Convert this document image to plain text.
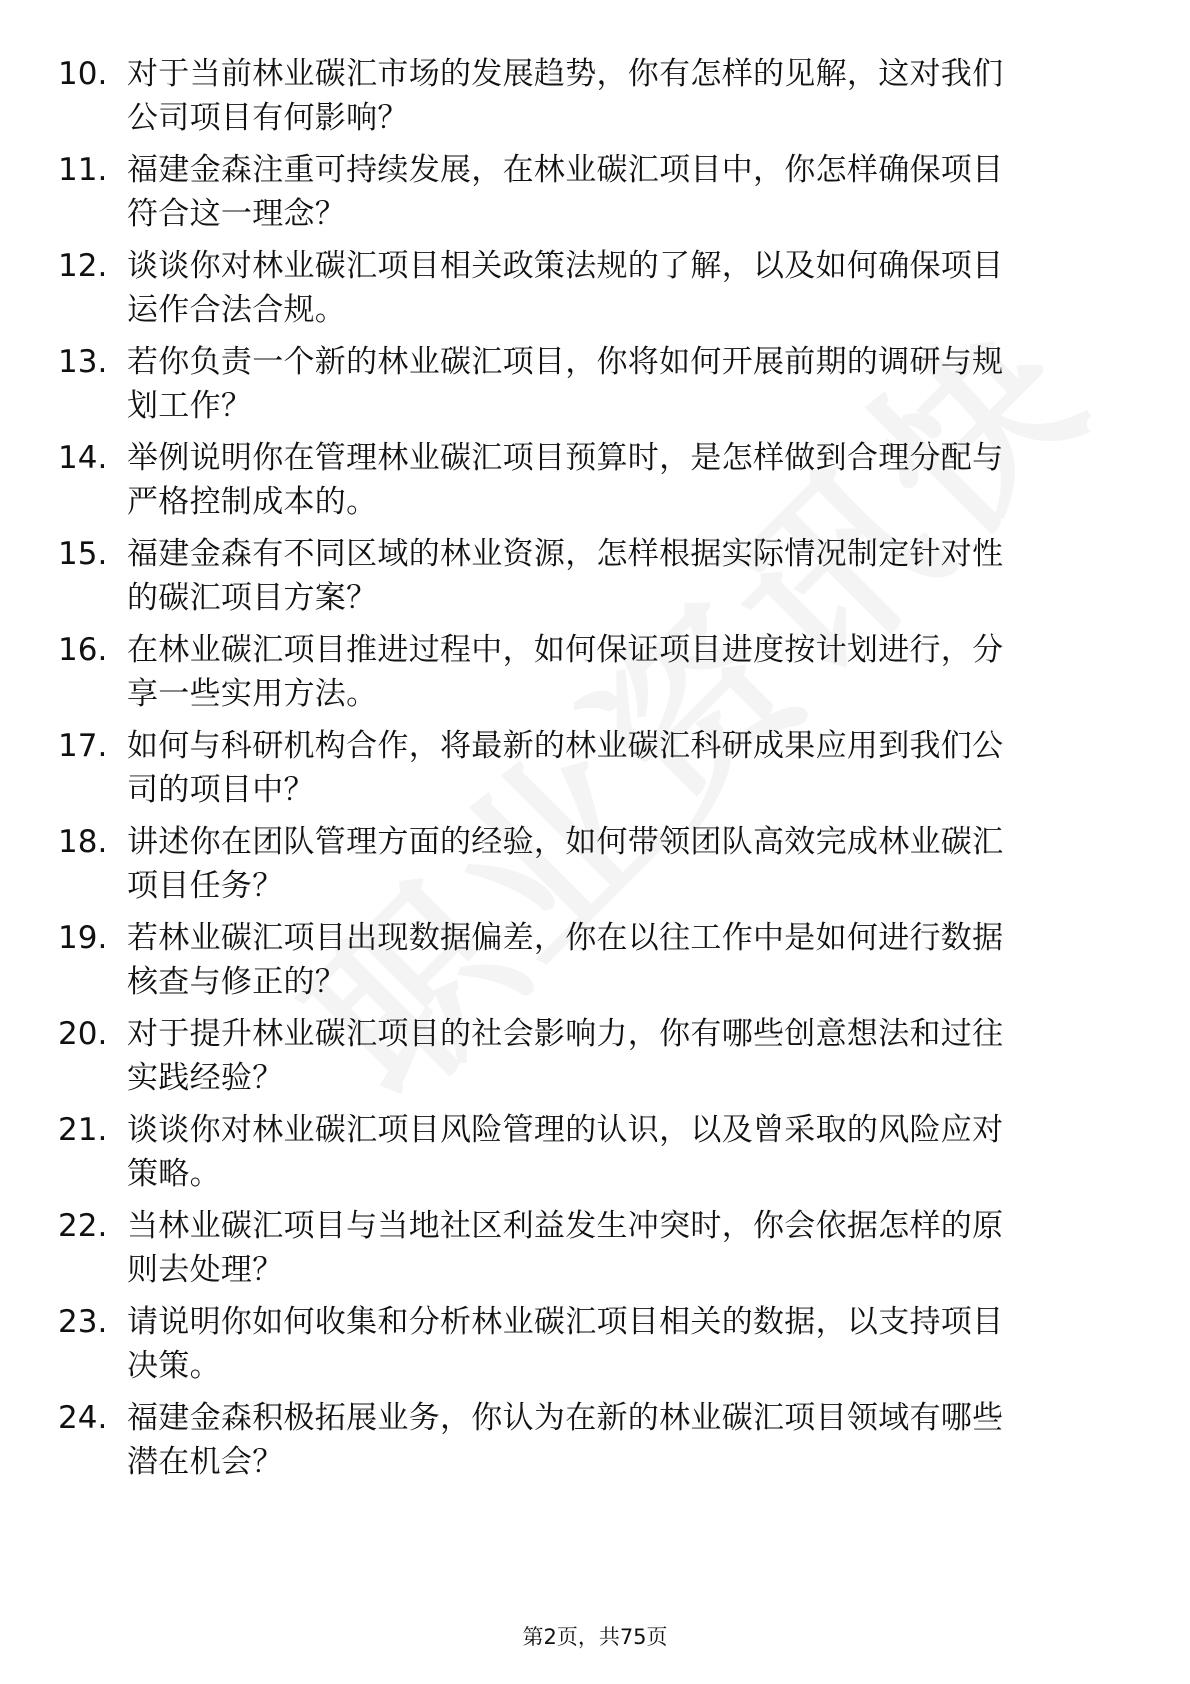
10. 对于当前林业碳汇市场的发展趋势，你有怎样的见解，这对我们
公司项目有何影响？
11. 福建金森注重可持续发展，在林业碳汇项目中，你怎样确保项目
符合这一理念？
12. 谈谈你对林业碳汇项目相关政策法规的了解，以及如何确保项目
运作合法合规。
13. 若你负责一个新的林业碳汇项目，你将如何开展前期的调研与规
划工作？
14. 举例说明你在管理林业碳汇项目预算时，是怎样做到合理分配与
严格控制成本的。
15. 福建金森有不同区域的林业资源，怎样根据实际情况制定针对性
的碳汇项目方案？
16. 在林业碳汇项目推进过程中，如何保证项目进度按计划进行，分
享一些实用方法。
17. 如何与科研机构合作，将最新的林业碳汇科研成果应用到我们公
司的项目中？
18. 讲述你在团队管理方面的经验，如何带领团队高效完成林业碳汇
项目任务？
19. 若林业碳汇项目出现数据偏差，你在以往工作中是如何进行数据
核查与修正的？
20. 对于提升林业碳汇项目的社会影响力，你有哪些创意想法和过往
实践经验？
21. 谈谈你对林业碳汇项目风险管理的认识，以及曾采取的风险应对
策略。
22. 当林业碳汇项目与当地社区利益发生冲突时，你会依据怎样的原
则去处理？
23. 请说明你如何收集和分析林业碳汇项目相关的数据，以支持项目
决策。
24. 福建金森积极拓展业务，你认为在新的林业碳汇项目领域有哪些
潜在机会？
第2页，共75页
